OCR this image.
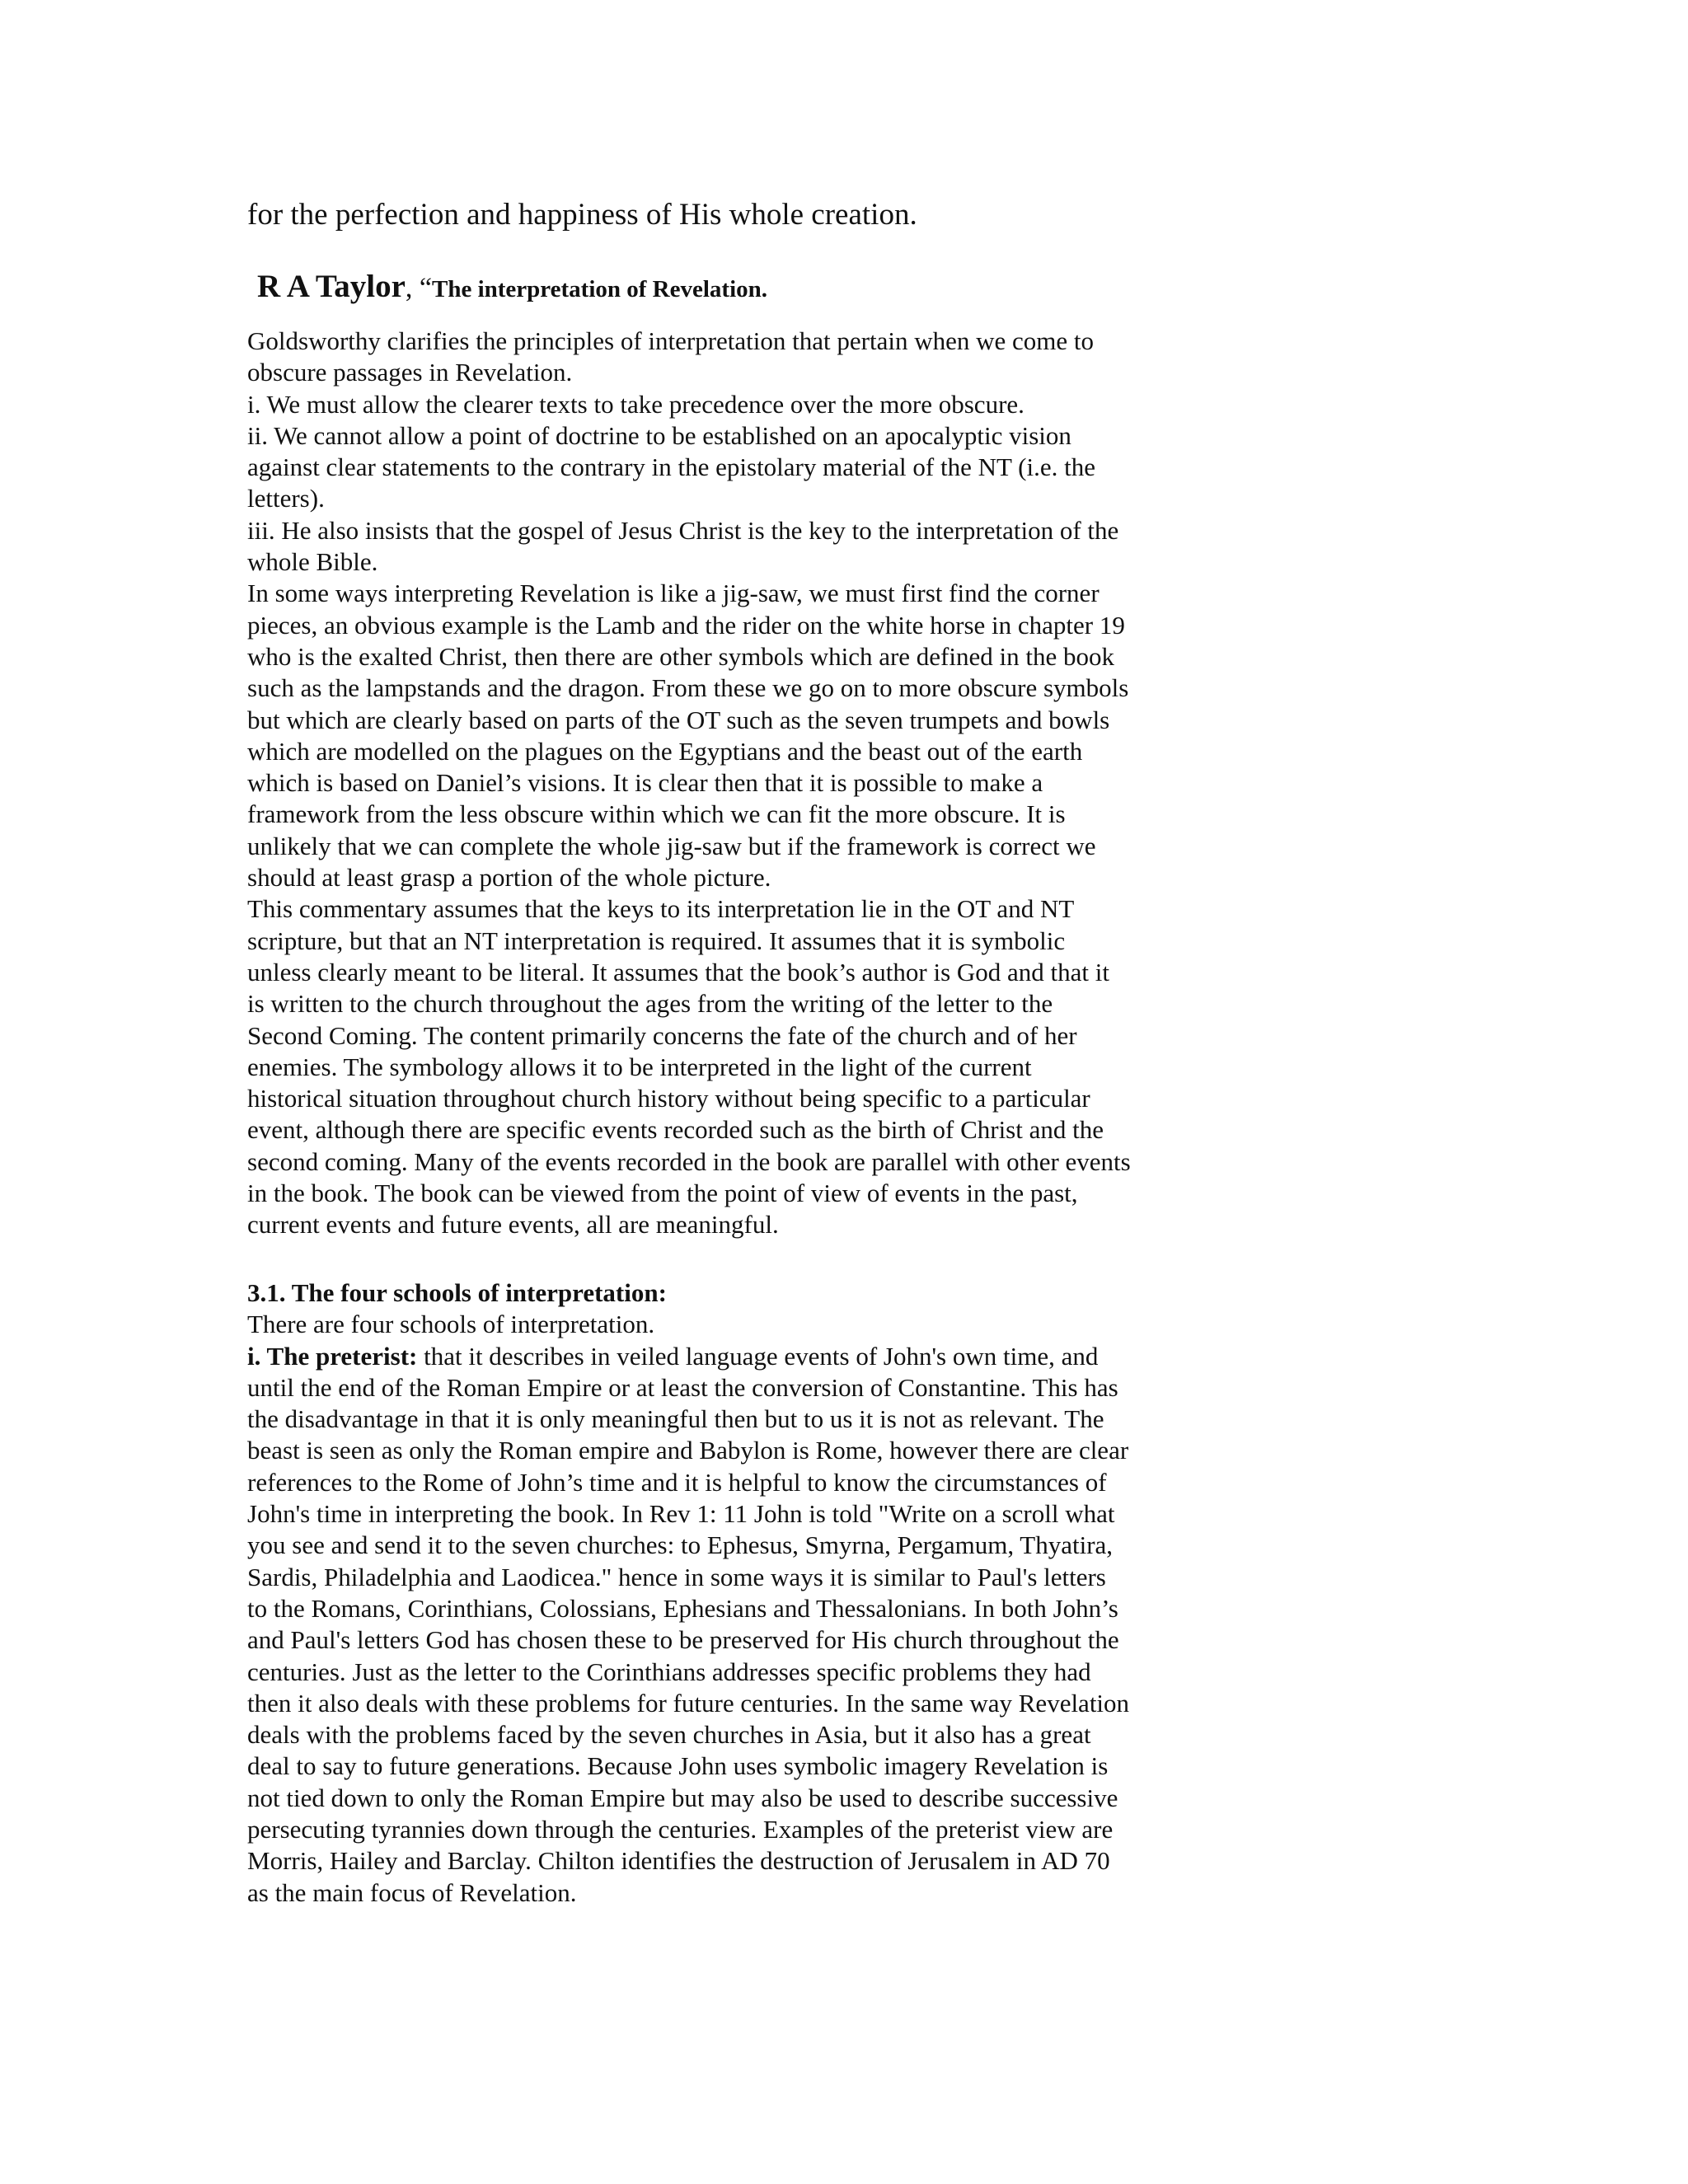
for the perfection and happiness of His whole creation.
R A Taylor, “The interpretation of Revelation.
Goldsworthy clarifies the principles of interpretation that pertain when we come to
obscure passages in Revelation.
i. We must allow the clearer texts to take precedence over the more obscure.
ii. We cannot allow a point of doctrine to be established on an apocalyptic vision
against clear statements to the contrary in the epistolary material of the NT (i.e. the
letters).
iii. He also insists that the gospel of Jesus Christ is the key to the interpretation of the
whole Bible.
In some ways interpreting Revelation is like a jig-saw, we must first find the corner
pieces, an obvious example is the Lamb and the rider on the white horse in chapter 19
who is the exalted Christ, then there are other symbols which are defined in the book
such as the lampstands and the dragon. From these we go on to more obscure symbols
but which are clearly based on parts of the OT such as the seven trumpets and bowls
which are modelled on the plagues on the Egyptians and the beast out of the earth
which is based on Daniel’s visions. It is clear then that it is possible to make a
framework from the less obscure within which we can fit the more obscure. It is
unlikely that we can complete the whole jig-saw but if the framework is correct we
should at least grasp a portion of the whole picture.
This commentary assumes that the keys to its interpretation lie in the OT and NT
scripture, but that an NT interpretation is required. It assumes that it is symbolic
unless clearly meant to be literal. It assumes that the book’s author is God and that it
is written to the church throughout the ages from the writing of the letter to the
Second Coming. The content primarily concerns the fate of the church and of her
enemies. The symbology allows it to be interpreted in the light of the current
historical situation throughout church history without being specific to a particular
event, although there are specific events recorded such as the birth of Christ and the
second coming. Many of the events recorded in the book are parallel with other events
in the book. The book can be viewed from the point of view of events in the past,
current events and future events, all are meaningful.
3.1. The four schools of interpretation:
There are four schools of interpretation.
i. The preterist: that it describes in veiled language events of John's own time, and
until the end of the Roman Empire or at least the conversion of Constantine. This has
the disadvantage in that it is only meaningful then but to us it is not as relevant. The
beast is seen as only the Roman empire and Babylon is Rome, however there are clear
references to the Rome of John’s time and it is helpful to know the circumstances of
John's time in interpreting the book. In Rev 1: 11 John is told "Write on a scroll what
you see and send it to the seven churches: to Ephesus, Smyrna, Pergamum, Thyatira,
Sardis, Philadelphia and Laodicea." hence in some ways it is similar to Paul's letters
to the Romans, Corinthians, Colossians, Ephesians and Thessalonians. In both John’s
and Paul's letters God has chosen these to be preserved for His church throughout the
centuries. Just as the letter to the Corinthians addresses specific problems they had
then it also deals with these problems for future centuries. In the same way Revelation
deals with the problems faced by the seven churches in Asia, but it also has a great
deal to say to future generations. Because John uses symbolic imagery Revelation is
not tied down to only the Roman Empire but may also be used to describe successive
persecuting tyrannies down through the centuries. Examples of the preterist view are
Morris, Hailey and Barclay. Chilton identifies the destruction of Jerusalem in AD 70
as the main focus of Revelation.
